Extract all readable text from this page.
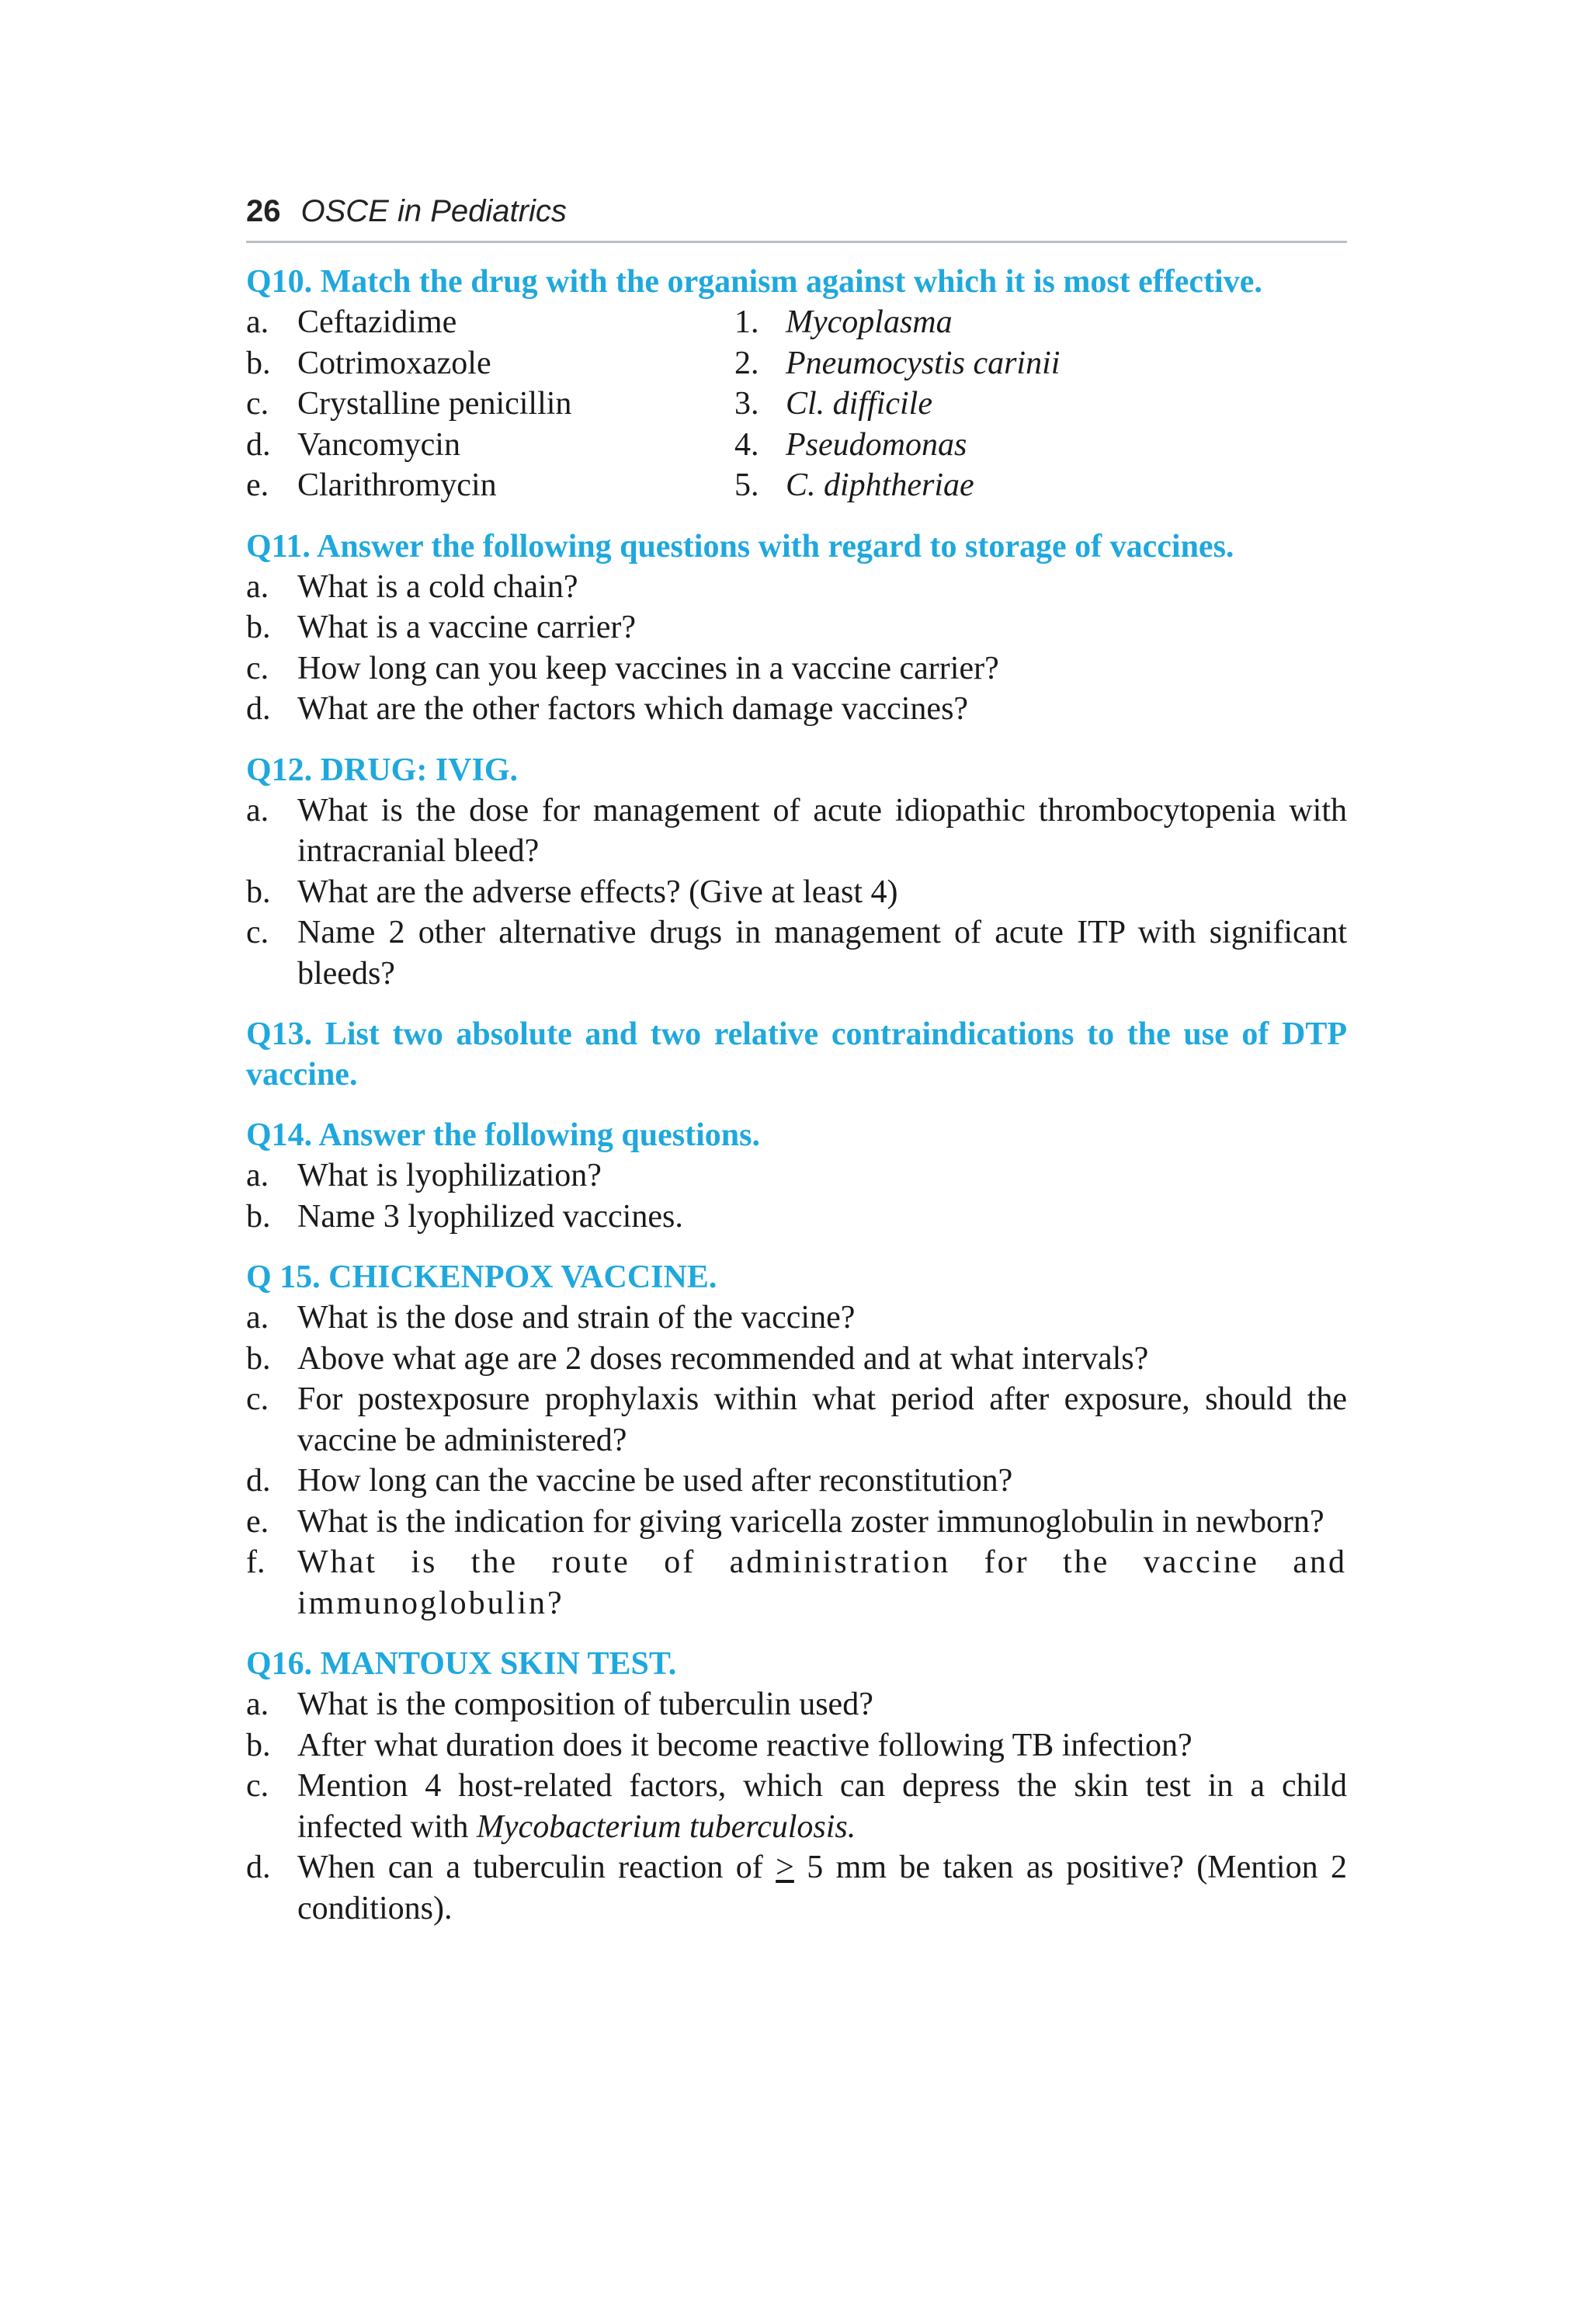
26 OSCE in Pediatrics
Q10. Match the drug with the organism against which it is most effective.
a. Ceftazidime	1. Mycoplasma
b. Cotrimoxazole	2. Pneumocystis carinii
c. Crystalline penicillin	3. Cl. difficile
d. Vancomycin	4. Pseudomonas
e. Clarithromycin	5. C. diphtheriae
Q11. Answer the following questions with regard to storage of vaccines.
a. What is a cold chain?
b. What is a vaccine carrier?
c. How long can you keep vaccines in a vaccine carrier?
d. What are the other factors which damage vaccines?
Q12. DRUG: IVIG.
a. What is the dose for management of acute idiopathic thrombocytopenia with intracranial bleed?
b. What are the adverse effects? (Give at least 4)
c. Name 2 other alternative drugs in management of acute ITP with significant bleeds?
Q13. List two absolute and two relative contraindications to the use of DTP vaccine.
Q14. Answer the following questions.
a. What is lyophilization?
b. Name 3 lyophilized vaccines.
Q 15. CHICKENPOX VACCINE.
a. What is the dose and strain of the vaccine?
b. Above what age are 2 doses recommended and at what intervals?
c. For postexposure prophylaxis within what period after exposure, should the vaccine be administered?
d. How long can the vaccine be used after reconstitution?
e. What is the indication for giving varicella zoster immunoglobulin in newborn?
f. What is the route of administration for the vaccine and immunoglobulin?
Q16. MANTOUX SKIN TEST.
a. What is the composition of tuberculin used?
b. After what duration does it become reactive following TB infection?
c. Mention 4 host-related factors, which can depress the skin test in a child infected with Mycobacterium tuberculosis.
d. When can a tuberculin reaction of ≥ 5 mm be taken as positive? (Mention 2 conditions).
